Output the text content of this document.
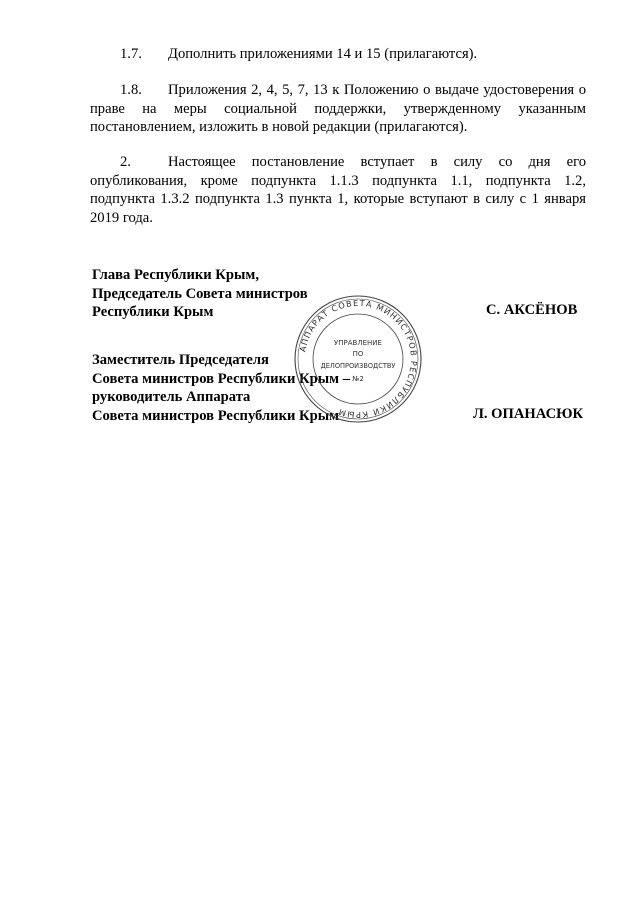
1.7. Дополнить приложениями 14 и 15 (прилагаются).

1.8. Приложения 2, 4, 5, 7, 13 к Положению о выдаче удостоверения о праве на меры социальной поддержки, утвержденному указанным постановлением, изложить в новой редакции (прилагаются).

2.	Настоящее постановление вступает в силу со дня его опубликования, кроме подпункта 1.1.3 подпункта 1.1, подпункта 1.2, подпункта 1.3.2 подпункта 1.3 пункта 1, которые вступают в силу с 1 января 2019 года.

Глава Республики Крым,
Председатель Совета министров
Республики Крым	С. АКСЁНОВ
Заместитель Председателя
Совета министров Республики Крым –
руководитель Аппарата
Совета министров Республики Крым	Л. ОПАНАСЮК
АППАРАТ СОВЕТА МИНИСТРОВ РЕСПУБЛИКИ КРЫМ
УПРАВЛЕНИЕ
ПО
ДЕЛОПРОИЗВОДСТВУ
№2
